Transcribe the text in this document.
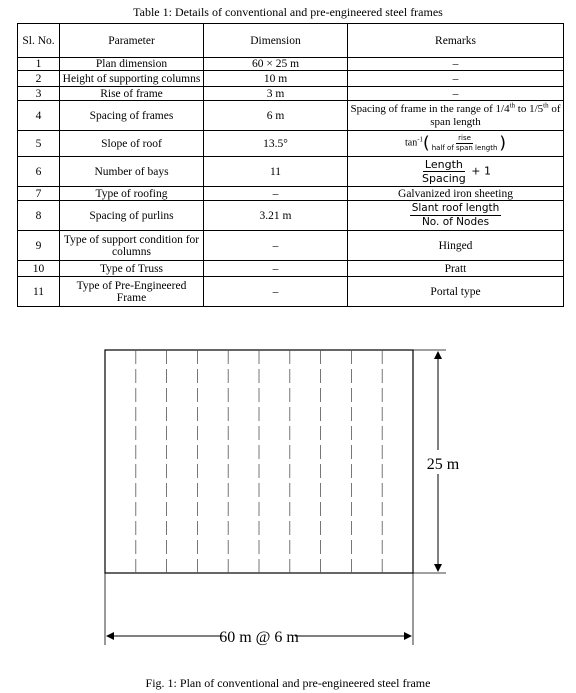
Table 1: Details of conventional and pre-engineered steel frames
Sl. No.	Parameter	Dimension	Remarks
1	Plan dimension	60 × 25 m	–
2	Height of supporting columns	10 m	–
3	Rise of frame	3 m	–
4	Spacing of frames	6 m	Spacing of frame in the range of 1/4th to 1/5th of span length
5	Slope of roof	13.5°	$\tan^{-1}( \frac{\text{rise}}{\text{half of span length}}$ )
6	Number of bays	11	$\frac{\text{Length}}{\text{Spacing}} + 1$
7	Type of roofing	–	Galvanized iron sheeting
8	Spacing of purlins	3.21 m	$\frac{\text{Slant roof length}}{\text{No. of Nodes}}$

9	Type of support condition for columns	–	Hinged
10	Type of Truss	–	Pratt
11	Type of Pre-Engineered Frame	–	Portal type
25 m
60 m @ 6 m
Fig. 1: Plan of conventional and pre-engineered steel frame
